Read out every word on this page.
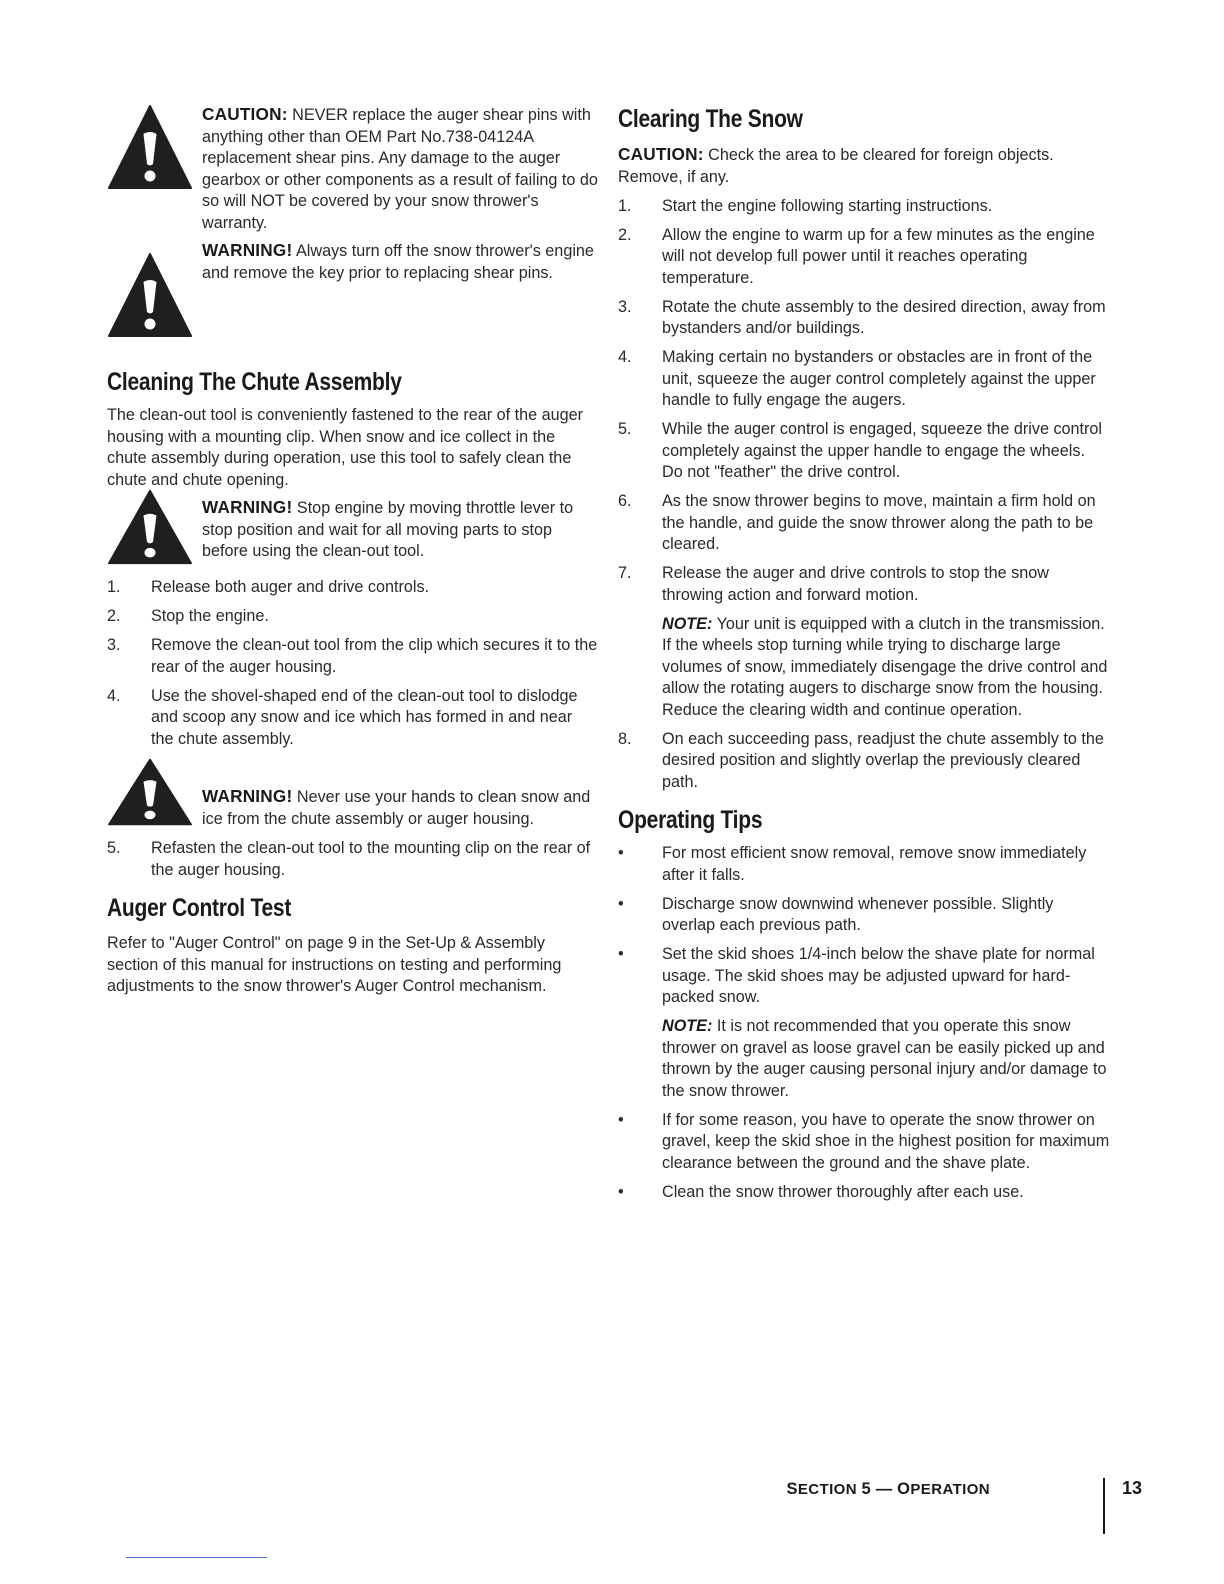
CAUTION: NEVER replace the auger shear pins with anything other than OEM Part No.738-04124A replacement shear pins. Any damage to the auger gearbox or other components as a result of failing to do so will NOT be covered by your snow thrower's warranty.

WARNING! Always turn off the snow thrower's engine and remove the key prior to replacing shear pins.

Cleaning The Chute Assembly

The clean-out tool is conveniently fastened to the rear of the auger housing with a mounting clip. When snow and ice collect in the chute assembly during operation, use this tool to safely clean the chute and chute opening.

WARNING! Stop engine by moving throttle lever to stop position and wait for all moving parts to stop before using the clean-out tool.

1.	Release both auger and drive controls.
2.	Stop the engine.
3.	Remove the clean-out tool from the clip which secures it to the rear of the auger housing.
4.	Use the shovel-shaped end of the clean-out tool to dislodge and scoop any snow and ice which has formed in and near the chute assembly.

WARNING! Never use your hands to clean snow and ice from the chute assembly or auger housing.

5.	Refasten the clean-out tool to the mounting clip on the rear of the auger housing.
Auger Control Test

Refer to "Auger Control" on page 9 in the Set-Up & Assembly section of this manual for instructions on testing and performing adjustments to the snow thrower's Auger Control mechanism.

Clearing The Snow

CAUTION: Check the area to be cleared for foreign objects. Remove, if any.

1.	Start the engine following starting instructions.
2.	Allow the engine to warm up for a few minutes as the engine will not develop full power until it reaches operating temperature.
3.	Rotate the chute assembly to the desired direction, away from bystanders and/or buildings.
4.	Making certain no bystanders or obstacles are in front of the unit, squeeze the auger control completely against the upper handle to fully engage the augers.
5.	While the auger control is engaged, squeeze the drive control completely against the upper handle to engage the wheels. Do not "feather" the drive control.
6.	As the snow thrower begins to move, maintain a firm hold on the handle, and guide the snow thrower along the path to be cleared.
7.	Release the auger and drive controls to stop the snow throwing action and forward motion.

NOTE: Your unit is equipped with a clutch in the transmission. If the wheels stop turning while trying to discharge large volumes of snow, immediately disengage the drive control and allow the rotating augers to discharge snow from the housing. Reduce the clearing width and continue operation.

8.	On each succeeding pass, readjust the chute assembly to the desired position and slightly overlap the previously cleared path.
Operating Tips
•	For most efficient snow removal, remove snow immediately after it falls.
•	Discharge snow downwind whenever possible. Slightly overlap each previous path.
•	Set the skid shoes 1/4-inch below the shave plate for normal usage. The skid shoes may be adjusted upward for hard-packed snow.

NOTE: It is not recommended that you operate this snow thrower on gravel as loose gravel can be easily picked up and thrown by the auger causing personal injury and/or damage to the snow thrower.

•	If for some reason, you have to operate the snow thrower on gravel, keep the skid shoe in the highest position for maximum clearance between the ground and the shave plate.
•	Clean the snow thrower thoroughly after each use.
SECTION 5 — OPERATION	13
